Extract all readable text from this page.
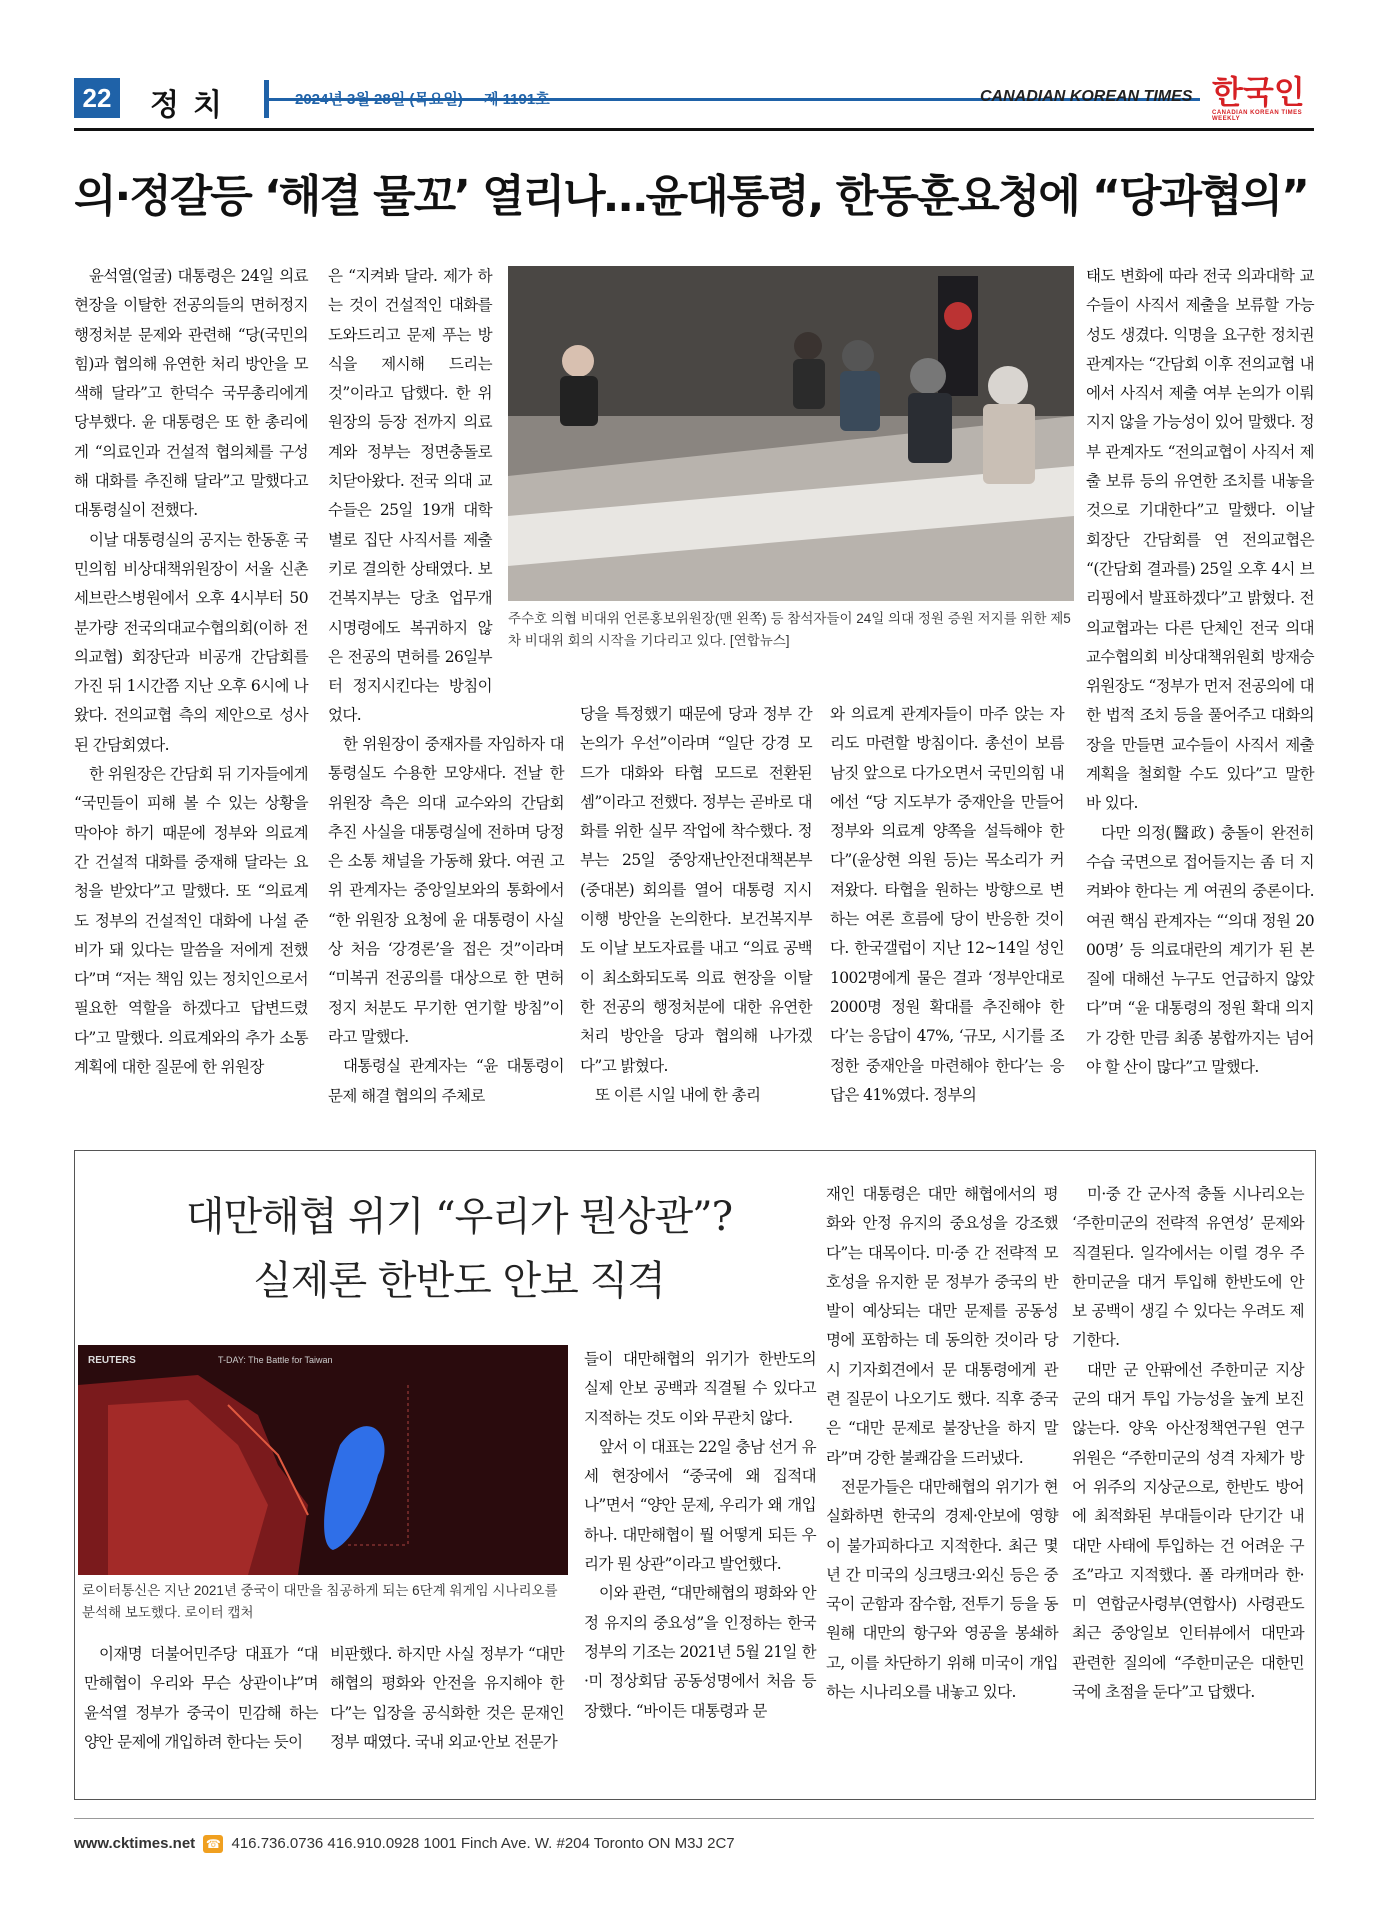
22 정치	2024년 3월 28일 (목요일) 제 1191호	CANADIAN KOREAN TIMES 한국인
CANADIAN KOREAN TIMES WEEKLY
의·정갈등 ‘해결 물꼬’ 열리나…윤대통령, 한동훈요청에 “당과협의”

윤석열(얼굴) 대통령은 24일 의료 현장을 이탈한 전공의들의 면허정지 행정처분 문제와 관련해 “당(국민의힘)과 협의해 유연한 처리 방안을 모색해 달라”고 한덕수 국무총리에게 당부했다. 윤 대통령은 또 한 총리에게 “의료인과 건설적 협의체를 구성해 대화를 추진해 달라”고 말했다고 대통령실이 전했다.

이날 대통령실의 공지는 한동훈 국민의힘 비상대책위원장이 서울 신촌세브란스병원에서 오후 4시부터 50분가량 전국의대교수협의회(이하 전의교협) 회장단과 비공개 간담회를 가진 뒤 1시간쯤 지난 오후 6시에 나왔다. 전의교협 측의 제안으로 성사된 간담회였다.

한 위원장은 간담회 뒤 기자들에게 “국민들이 피해 볼 수 있는 상황을 막아야 하기 때문에 정부와 의료계 간 건설적 대화를 중재해 달라는 요청을 받았다”고 말했다. 또 “의료계도 정부의 건설적인 대화에 나설 준비가 돼 있다는 말씀을 저에게 전했다”며 “저는 책임 있는 정치인으로서 필요한 역할을 하겠다고 답변드렸다”고 말했다. 의료계와의 추가 소통 계획에 대한 질문에 한 위원장

은 “지켜봐 달라. 제가 하는 것이 건설적인 대화를 도와드리고 문제 푸는 방식을 제시해 드리는 것”이라고 답했다. 한 위원장의 등장 전까지 의료계와 정부는 정면충돌로 치닫아왔다. 전국 의대 교수들은 25일 19개 대학별로 집단 사직서를 제출키로 결의한 상태였다. 보건복지부는 당초 업무개시명령에도 복귀하지 않은 전공의 면허를 26일부터 정지시킨다는 방침이었다.

한 위원장이 중재자를 자임하자 대통령실도 수용한 모양새다. 전날 한 위원장 측은 의대 교수와의 간담회 추진 사실을 대통령실에 전하며 당정은 소통 채널을 가동해 왔다. 여권 고위 관계자는 중앙일보와의 통화에서 “한 위원장 요청에 윤 대통령이 사실상 처음 ‘강경론’을 접은 것”이라며 “미복귀 전공의를 대상으로 한 면허정지 처분도 무기한 연기할 방침”이라고 말했다.

대통령실 관계자는 “윤 대통령이 문제 해결 협의의 주체로

당을 특정했기 때문에 당과 정부 간 논의가 우선”이라며 “일단 강경 모드가 대화와 타협 모드로 전환된 셈”이라고 전했다. 정부는 곧바로 대화를 위한 실무 작업에 착수했다. 정부는 25일 중앙재난안전대책본부(중대본) 회의를 열어 대통령 지시 이행 방안을 논의한다. 보건복지부도 이날 보도자료를 내고 “의료 공백이 최소화되도록 의료 현장을 이탈한 전공의 행정처분에 대한 유연한 처리 방안을 당과 협의해 나가겠다”고 밝혔다.

또 이른 시일 내에 한 총리

와 의료계 관계자들이 마주 앉는 자리도 마련할 방침이다. 총선이 보름 남짓 앞으로 다가오면서 국민의힘 내에선 “당 지도부가 중재안을 만들어 정부와 의료계 양쪽을 설득해야 한다”(윤상현 의원 등)는 목소리가 커져왔다. 타협을 원하는 방향으로 변하는 여론 흐름에 당이 반응한 것이다. 한국갤럽이 지난 12~14일 성인 1002명에게 물은 결과 ‘정부안대로 2000명 정원 확대를 추진해야 한다’는 응답이 47%, ‘규모, 시기를 조정한 중재안을 마련해야 한다’는 응답은 41%였다. 정부의

태도 변화에 따라 전국 의과대학 교수들이 사직서 제출을 보류할 가능성도 생겼다. 익명을 요구한 정치권 관계자는 “간담회 이후 전의교협 내에서 사직서 제출 여부 논의가 이뤄지지 않을 가능성이 있어 말했다. 정부 관계자도 “전의교협이 사직서 제출 보류 등의 유연한 조치를 내놓을 것으로 기대한다”고 말했다. 이날 회장단 간담회를 연 전의교협은 “(간담회 결과를) 25일 오후 4시 브리핑에서 발표하겠다”고 밝혔다. 전의교협과는 다른 단체인 전국 의대 교수협의회 비상대책위원회 방재승 위원장도 “정부가 먼저 전공의에 대한 법적 조치 등을 풀어주고 대화의 장을 만들면 교수들이 사직서 제출 계획을 철회할 수도 있다”고 말한 바 있다.

다만 의정(醫政) 충돌이 완전히 수습 국면으로 접어들지는 좀 더 지켜봐야 한다는 게 여권의 중론이다. 여권 핵심 관계자는 “‘의대 정원 2000명’ 등 의료대란의 계기가 된 본질에 대해선 누구도 언급하지 않았다”며 “윤 대통령의 정원 확대 의지가 강한 만큼 최종 봉합까지는 넘어야 할 산이 많다”고 말했다.

주수호 의협 비대위 언론홍보위원장(맨 왼쪽) 등 참석자들이 24일 의대 정원 증원 저지를 위한 제5차 비대위 회의 시작을 기다리고 있다. [연합뉴스]
대만해협 위기 “우리가 뭔상관”?
실제론 한반도 안보 직격
REUTERS	T-DAY: The Battle for Taiwan
로이터통신은 지난 2021년 중국이 대만을 침공하게 되는 6단계 워게임 시나리오를 분석해 보도했다. 로이터 캡처

이재명 더불어민주당 대표가 “대만해협이 우리와 무슨 상관이냐”며 윤석열 정부가 중국이 민감해 하는 양안 문제에 개입하려 한다는 듯이

비판했다. 하지만 사실 정부가 “대만해협의 평화와 안전을 유지해야 한다”는 입장을 공식화한 것은 문재인 정부 때였다. 국내 외교·안보 전문가

들이 대만해협의 위기가 한반도의 실제 안보 공백과 직결될 수 있다고 지적하는 것도 이와 무관치 않다.

앞서 이 대표는 22일 충남 선거 유세 현장에서 “중국에 왜 집적대나”면서 “양안 문제, 우리가 왜 개입하나. 대만해협이 뭘 어떻게 되든 우리가 뭔 상관”이라고 발언했다.

이와 관련, “대만해협의 평화와 안정 유지의 중요성”을 인정하는 한국 정부의 기조는 2021년 5월 21일 한·미 정상회담 공동성명에서 처음 등장했다. “바이든 대통령과 문

재인 대통령은 대만 해협에서의 평화와 안정 유지의 중요성을 강조했다”는 대목이다. 미·중 간 전략적 모호성을 유지한 문 정부가 중국의 반발이 예상되는 대만 문제를 공동성명에 포함하는 데 동의한 것이라 당시 기자회견에서 문 대통령에게 관련 질문이 나오기도 했다. 직후 중국은 “대만 문제로 불장난을 하지 말라”며 강한 불쾌감을 드러냈다.

전문가들은 대만해협의 위기가 현실화하면 한국의 경제·안보에 영향이 불가피하다고 지적한다. 최근 몇년 간 미국의 싱크탱크·외신 등은 중국이 군함과 잠수함, 전투기 등을 동원해 대만의 항구와 영공을 봉쇄하고, 이를 차단하기 위해 미국이 개입하는 시나리오를 내놓고 있다.

미·중 간 군사적 충돌 시나리오는 ‘주한미군의 전략적 유연성’ 문제와 직결된다. 일각에서는 이럴 경우 주한미군을 대거 투입해 한반도에 안보 공백이 생길 수 있다는 우려도 제기한다.

대만 군 안팎에선 주한미군 지상군의 대거 투입 가능성을 높게 보진 않는다. 양욱 아산정책연구원 연구위원은 “주한미군의 성격 자체가 방어 위주의 지상군으로, 한반도 방어에 최적화된 부대들이라 단기간 내 대만 사태에 투입하는 건 어려운 구조”라고 지적했다. 폴 라캐머라 한·미 연합군사령부(연합사) 사령관도 최근 중앙일보 인터뷰에서 대만과 관련한 질의에 “주한미군은 대한민국에 초점을 둔다”고 답했다.

www.cktimes.net ☎ 416.736.0736 416.910.0928 1001 Finch Ave. W. #204 Toronto ON M3J 2C7
